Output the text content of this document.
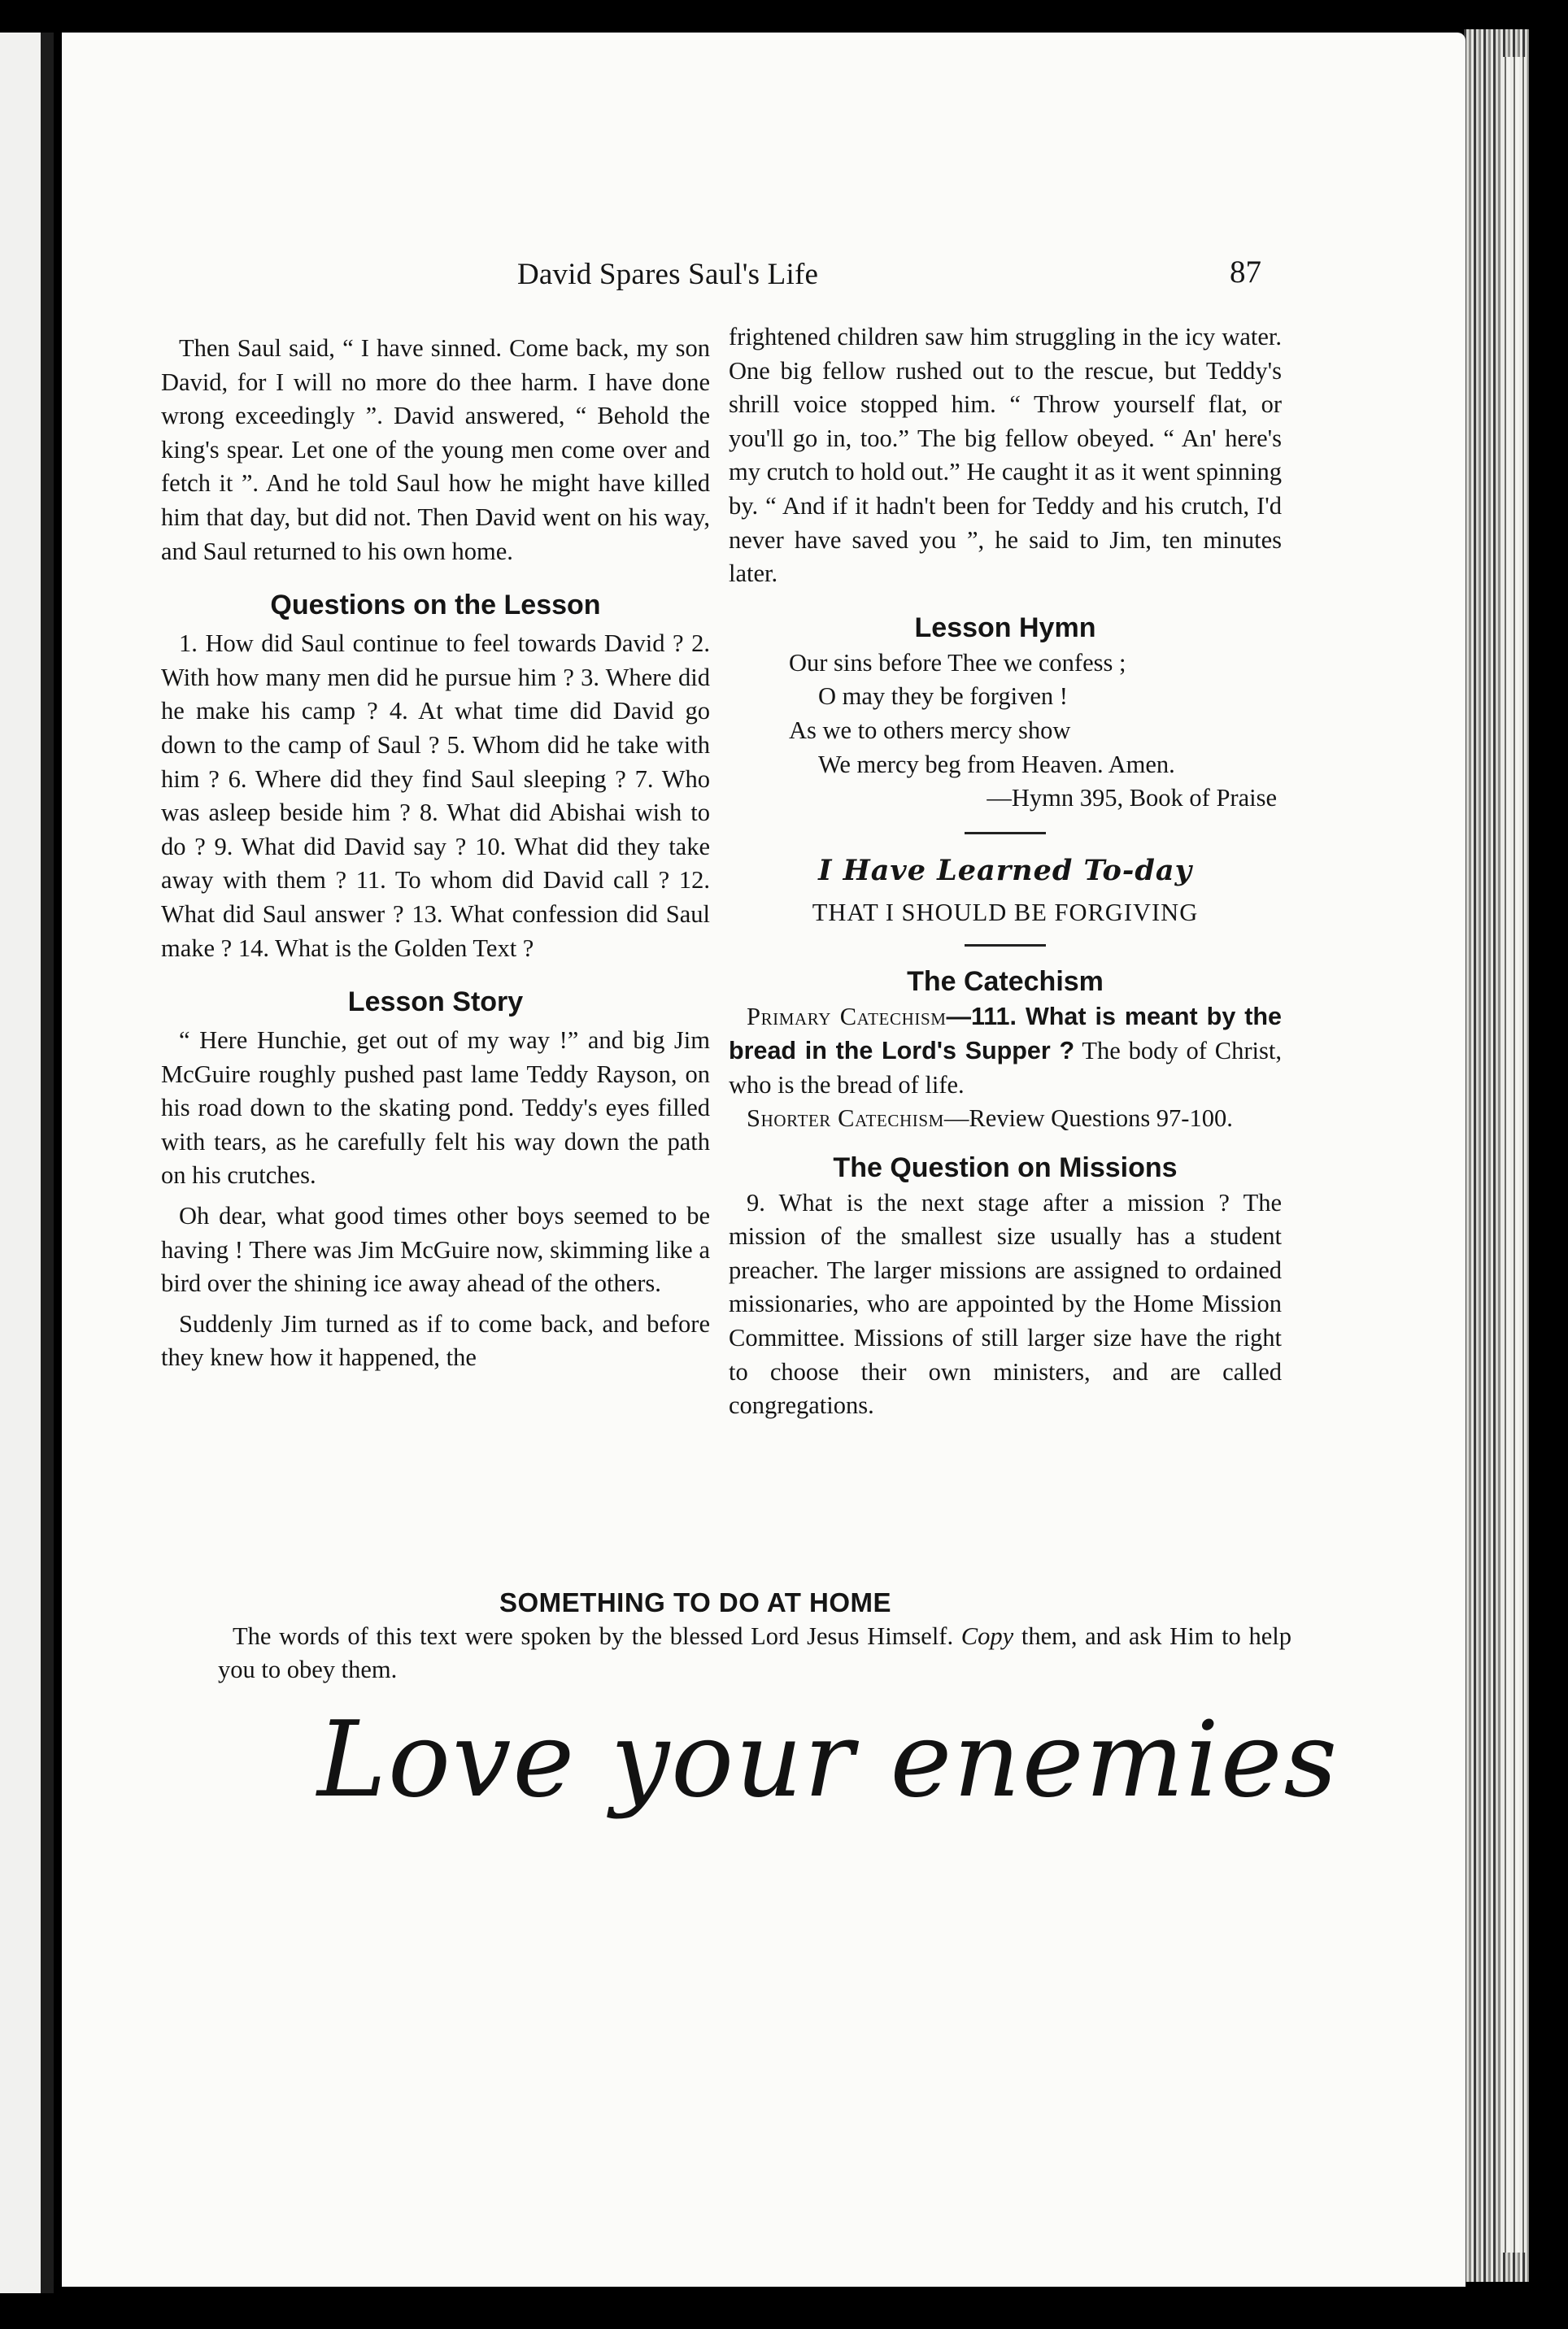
David Spares Saul's Life	87

Then Saul said, “ I have sinned. Come back, my son David, for I will no more do thee harm. I have done wrong exceedingly ”. David answered, “ Behold the king's spear. Let one of the young men come over and fetch it ”. And he told Saul how he might have killed him that day, but did not. Then David went on his way, and Saul returned to his own home.

Questions on the Lesson

1. How did Saul continue to feel towards David ? 2. With how many men did he pursue him ? 3. Where did he make his camp ? 4. At what time did David go down to the camp of Saul ? 5. Whom did he take with him ? 6. Where did they find Saul sleeping ? 7. Who was asleep beside him ? 8. What did Abishai wish to do ? 9. What did David say ? 10. What did they take away with them ? 11. To whom did David call ? 12. What did Saul answer ? 13. What confession did Saul make ? 14. What is the Golden Text ?

Lesson Story

“ Here Hunchie, get out of my way !” and big Jim McGuire roughly pushed past lame Teddy Rayson, on his road down to the skating pond. Teddy's eyes filled with tears, as he carefully felt his way down the path on his crutches.

Oh dear, what good times other boys seemed to be having ! There was Jim McGuire now, skimming like a bird over the shining ice away ahead of the others.

Suddenly Jim turned as if to come back, and before they knew how it happened, the

frightened children saw him struggling in the icy water. One big fellow rushed out to the rescue, but Teddy's shrill voice stopped him. “ Throw yourself flat, or you'll go in, too.” The big fellow obeyed. “ An' here's my crutch to hold out.” He caught it as it went spinning by. “ And if it hadn't been for Teddy and his crutch, I'd never have saved you ”, he said to Jim, ten minutes later.

Lesson Hymn

Our sins before Thee we confess ;

O may they be forgiven !

As we to others mercy show

We mercy beg from Heaven. Amen.

—Hymn 395, Book of Praise

I Have Learned To-day

THAT I SHOULD BE FORGIVING

The Catechism

Primary Catechism—111. What is meant by the bread in the Lord's Supper ? The body of Christ, who is the bread of life.

Shorter Catechism—Review Questions 97-100.

The Question on Missions

9. What is the next stage after a mission ? The mission of the smallest size usually has a student preacher. The larger missions are assigned to ordained missionaries, who are appointed by the Home Mission Committee. Missions of still larger size have the right to choose their own ministers, and are called congregations.

SOMETHING TO DO AT HOME

The words of this text were spoken by the blessed Lord Jesus Himself. Copy them, and ask Him to help you to obey them.

Love your enemies
